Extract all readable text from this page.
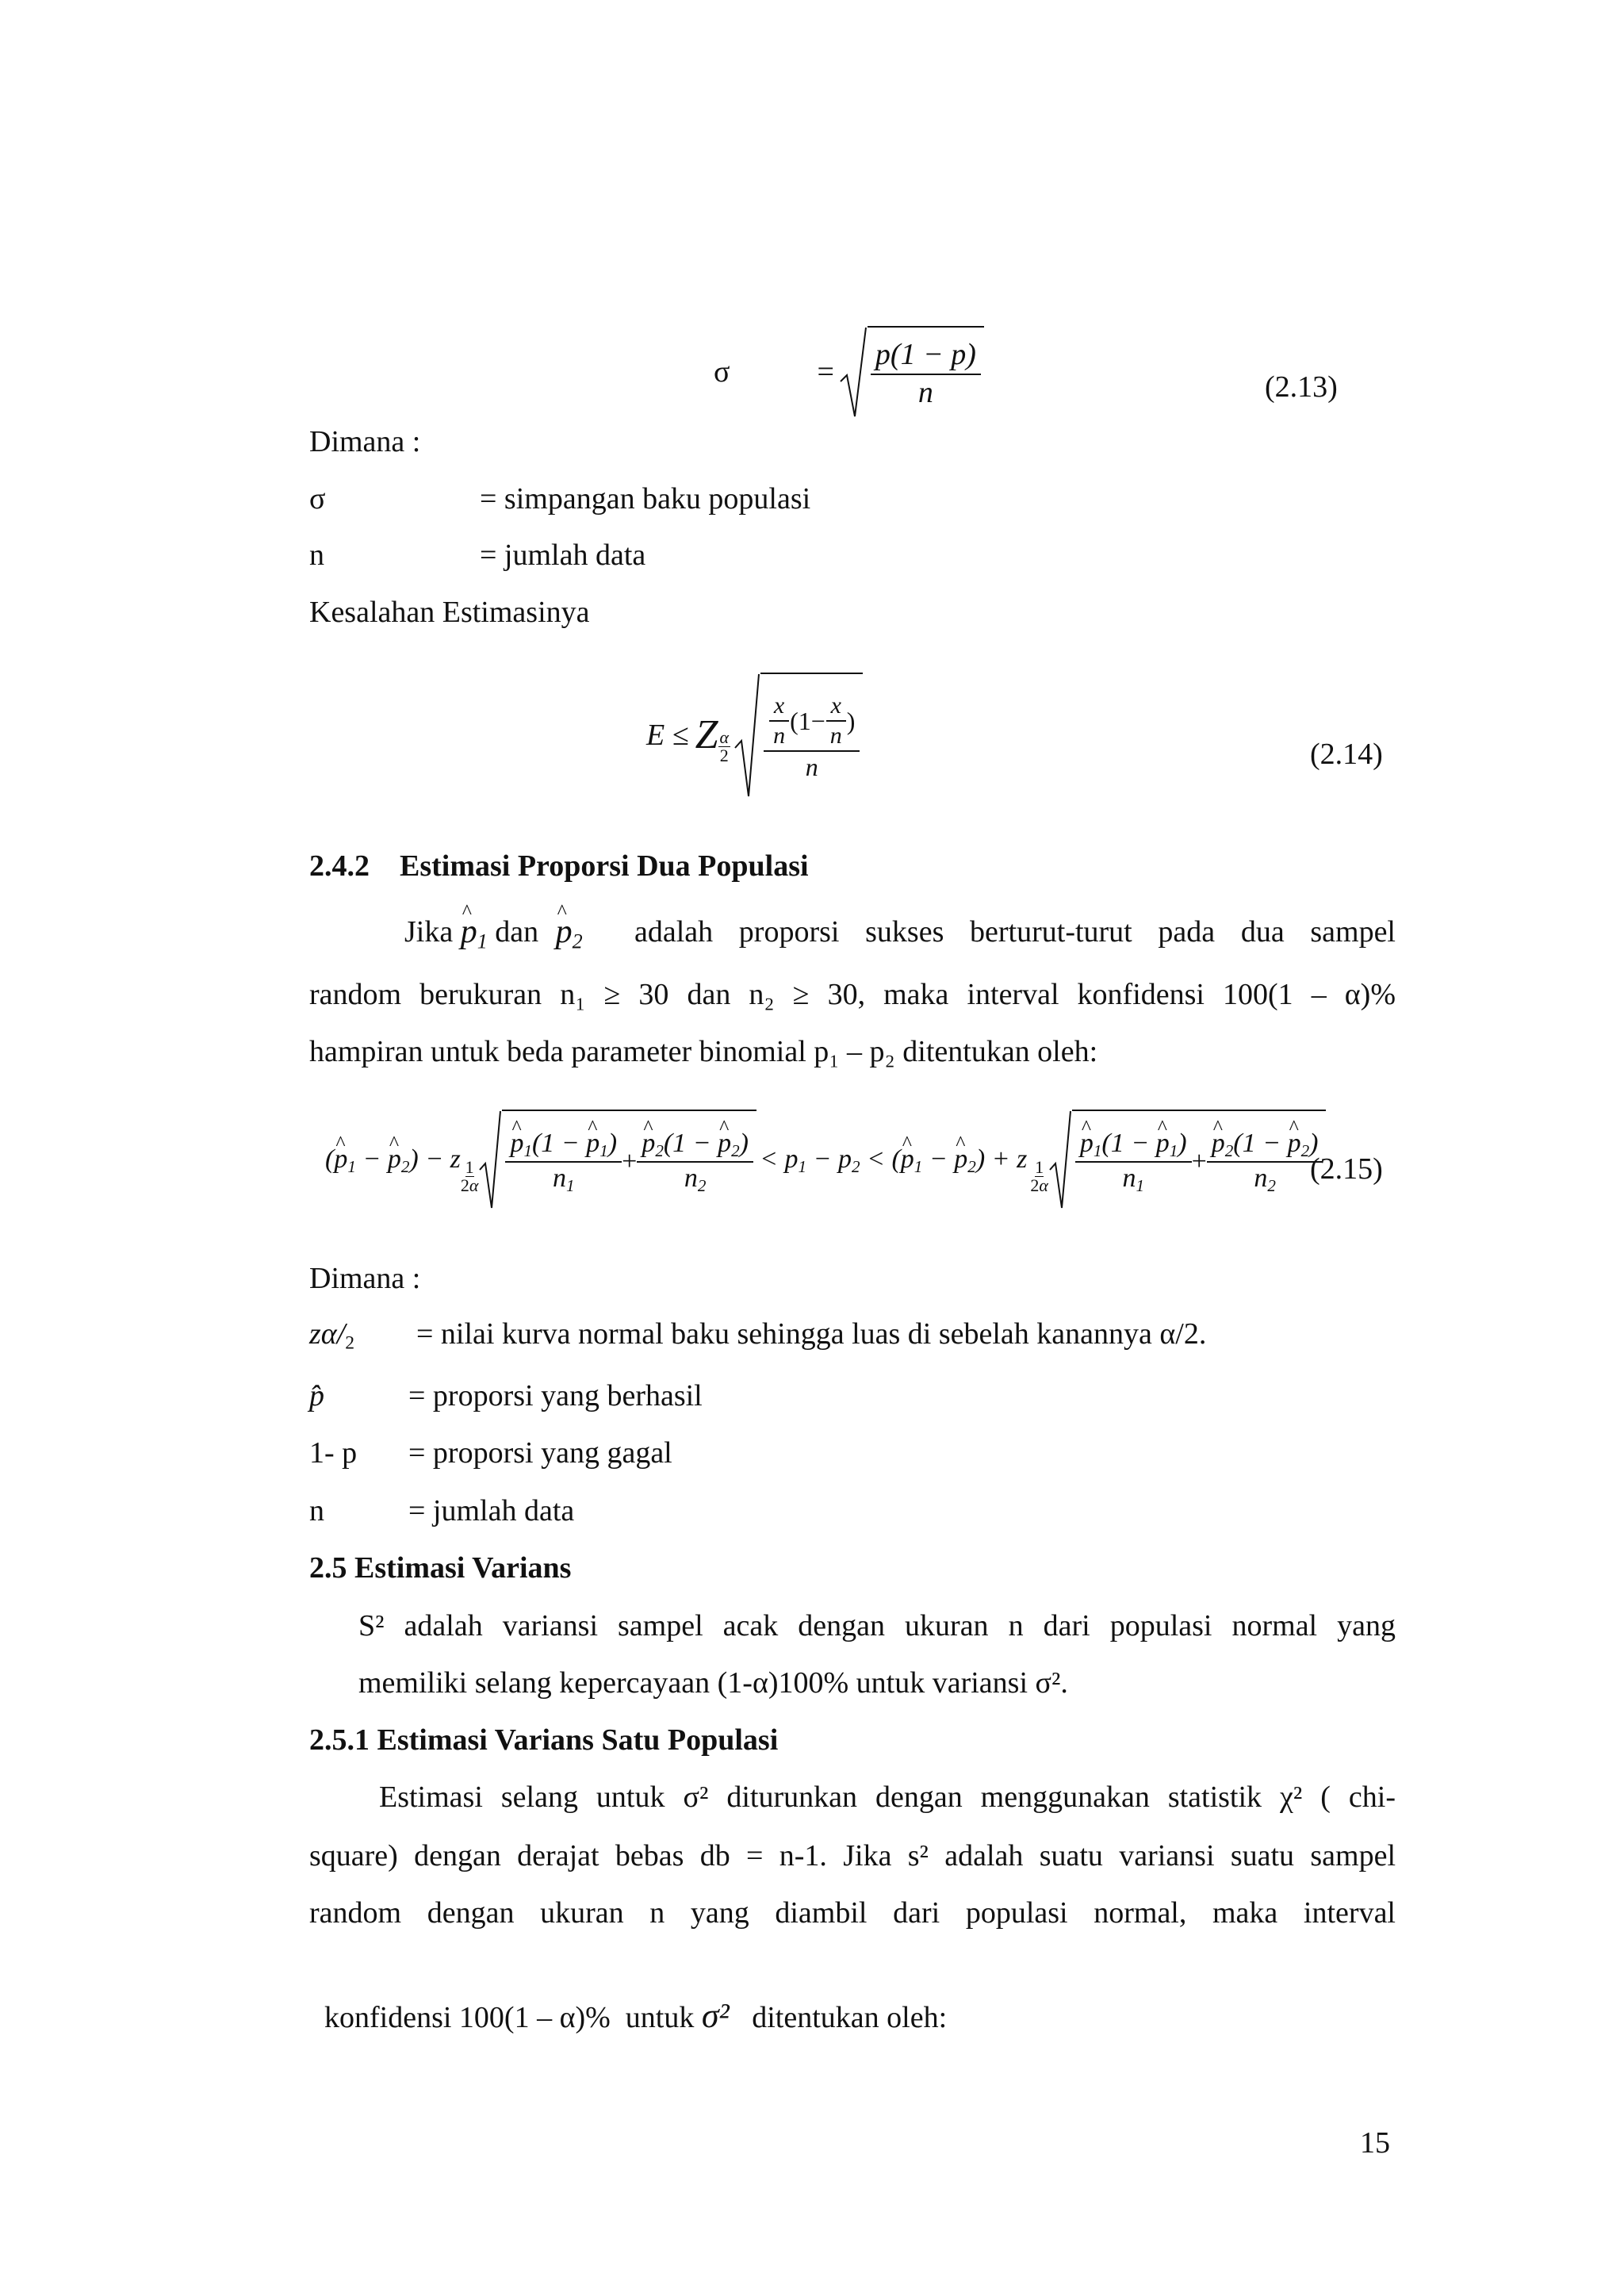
σ	= $\frac{p(1 - p)}{n}$	(2.13)
Dimana :
σ	= simpangan baku populasi
n	= jumlah data
Kesalahan Estimasinya
E ≤ Z α
2
$\frac{x}{n} (1- \frac{x}{n}$ )
n	(2.14)
2.4.2    Estimasi Proporsi Dua Populasi
Jika ^ $p_1$ dan ^ $p_2$ adalah proporsi sukses berturut-turut pada dua sampel
random berukuran n₁ ≥ 30 dan n₂ ≥ 30, maka interval konfidensi 100(1 – α)%
hampiran untuk beda parameter binomial p₁ – p₂ ditentukan oleh:
(^ $p_1$ − ^ $p_2) - z$ 1
2α ^ $\frac{p_1(1 - \^{} p_1)}{n_1}$ + ^ $\frac{p_2(1 - \^{} p_2)}{n_2} < p_1 - p_2$ < (^ $p_1$ − ^ $p_2) + z$ 1
2α ^ $\frac{p_1(1 - \^{} p_1)}{n_1}$ + ^ $\frac{p_2(1 - \^{} p_2)}{n_2}$
(2.15)
Dimana :
$z\alpha/_2$ = nilai kurva normal baku sehingga luas di sebelah kanannya α/2.
p̂	= proporsi yang berhasil
1- p = proporsi yang gagal
n	= jumlah data
2.5 Estimasi Varians
S² adalah variansi sampel acak dengan ukuran n dari populasi normal yang
memiliki selang kepercayaan (1-α)100% untuk variansi σ².
2.5.1 Estimasi Varians Satu Populasi
Estimasi selang untuk σ² diturunkan dengan menggunakan statistik χ² ( chi-
square) dengan derajat bebas db = n-1. Jika s² adalah suatu variansi suatu sampel
random dengan ukuran n yang diambil dari populasi normal, maka interval

konfidensi 100(1 – α)%  untuk σ²   ditentukan oleh:

15
